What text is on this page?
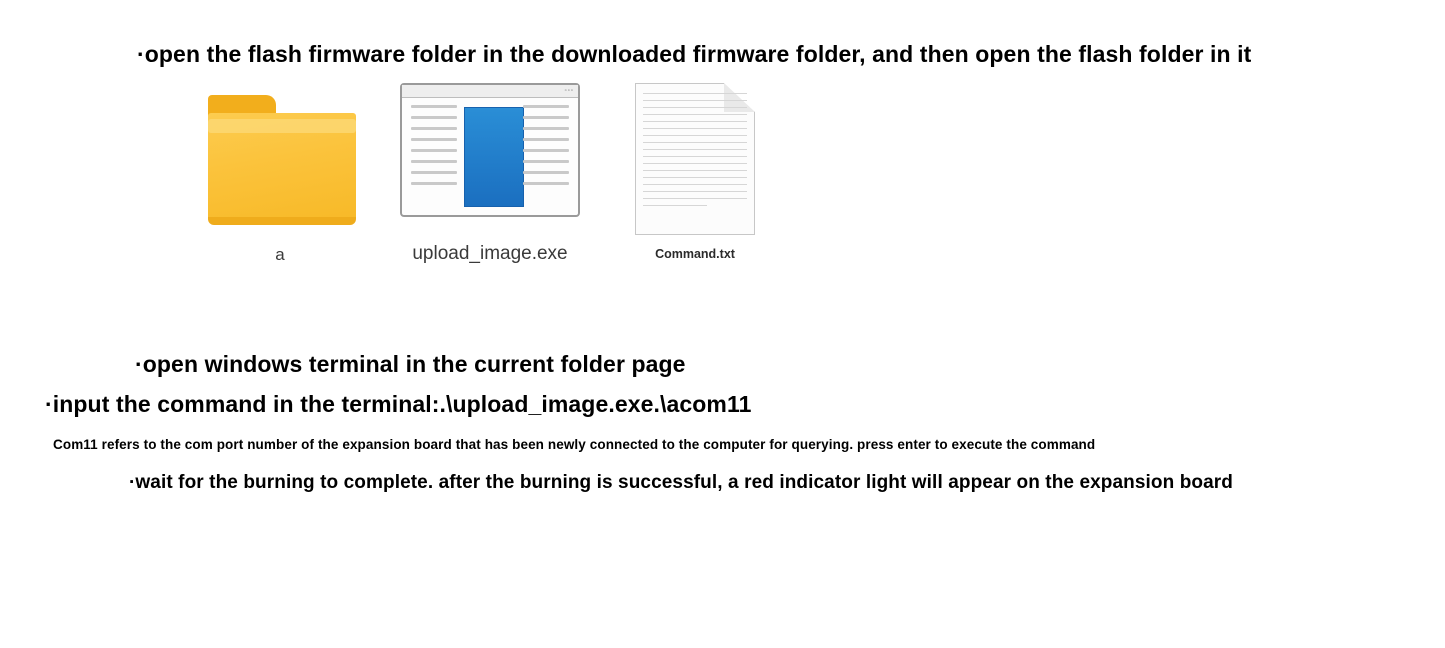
·open the flash firmware folder in the downloaded firmware folder, and then open the flash folder in it
a
▫▫▫
upload_image.exe	Command.txt
·open windows terminal in the current folder page
·input the command in the terminal:.\upload_image.exe.\acom11
Com11 refers to the com port number of the expansion board that has been newly connected to the computer for querying. press enter to execute the command
·wait for the burning to complete. after the burning is successful, a red indicator light will appear on the expansion board
